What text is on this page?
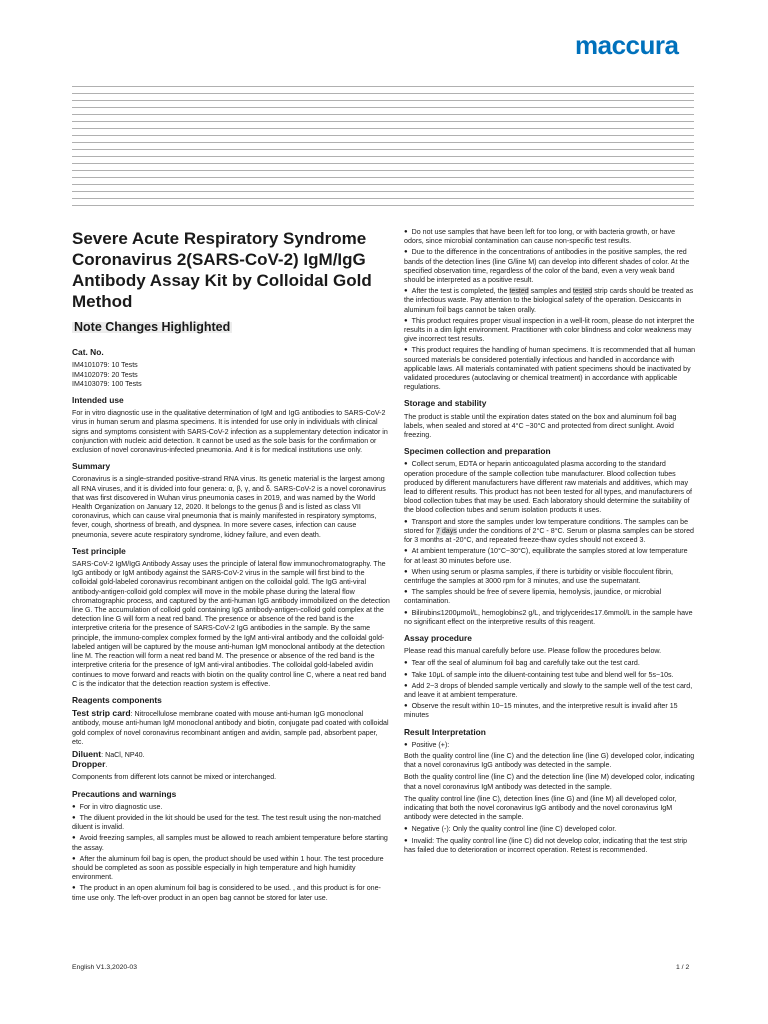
maccura
Severe Acute Respiratory Syndrome Coronavirus 2(SARS-CoV-2) IgM/IgG Antibody Assay Kit by Colloidal Gold Method
Note Changes Highlighted
Cat. No.

IM4101079: 10 Tests

IM4102079: 20 Tests

IM4103079: 100 Tests

Intended use

For in vitro diagnostic use in the qualitative determination of IgM and IgG antibodies to SARS-CoV-2 virus in human serum and plasma specimens. It is intended for use only in individuals with clinical signs and symptoms consistent with SARS-CoV-2 infection as a supplementary detection indicator in conjunction with nucleic acid detection. It cannot be used as the sole basis for the confirmation or exclusion of novel coronavirus-infected pneumonia. And it is for medical institutions use only.

Summary

Coronavirus is a single-stranded positive-strand RNA virus. Its genetic material is the largest among all RNA viruses, and it is divided into four genera: α, β, γ, and δ. SARS-CoV-2 is a novel coronavirus that was first discovered in Wuhan virus pneumonia cases in 2019, and was named by the World Health Organization on January 12, 2020. It belongs to the genus β and is listed as class VII coronavirus, which can cause viral pneumonia that is mainly manifested in respiratory symptoms, fever, cough, shortness of breath, and dyspnea. In more severe cases, infection can cause pneumonia, severe acute respiratory syndrome, kidney failure, and even death.

Test principle

SARS-CoV-2 IgM/IgG Antibody Assay uses the principle of lateral flow immunochromatography. The IgG antibody or IgM antibody against the SARS-CoV-2 virus in the sample will first bind to the colloidal gold-labeled coronavirus recombinant antigen on the colloidal gold. The IgG anti-viral antibody-antigen-colloid gold complex will move in the mobile phase during the lateral flow chromatographic process, and captured by the anti-human IgG antibody immobilized on the detection line G. The accumulation of colloid gold containing IgG antibody-antigen-colloid gold complex at the detection line G will form a neat red band. The presence or absence of the red band is the interpretive criteria for the presence of SARS-CoV-2 IgG antibodies in the sample. By the same principle, the immuno-complex complex formed by the IgM anti-viral antibody and the colloidal gold-labeled antigen will be captured by the mouse anti-human IgM monoclonal antibody at the detection line M. The reaction will form a neat red band M. The presence or absence of the red band is the interpretive criteria for the presence of IgM anti-viral antibodies. The colloidal gold-labeled avidin continues to move forward and reacts with biotin on the quality control line C, where a neat red band C is the indicator that the detection reaction system is effective.

Reagents components

Test strip card: Nitrocellulose membrane coated with mouse anti-human IgG monoclonal antibody, mouse anti-human IgM monoclonal antibody and biotin, conjugate pad coated with colloidal gold complex of novel coronavirus recombinant antigen and avidin, sample pad, absorbent paper, etc.

Diluent: NaCl, NP40.

Dropper.

Components from different lots cannot be mixed or interchanged.

Precautions and warnings

● For in vitro diagnostic use.

● The diluent provided in the kit should be used for the test. The test result using the non-matched diluent is invalid.

● Avoid freezing samples, all samples must be allowed to reach ambient temperature before starting the assay.

● After the aluminum foil bag is open, the product should be used within 1 hour. The test procedure should be completed as soon as possible especially in high temperature and high humidity environment.

● The product in an open aluminum foil bag is considered to be used. , and this product is for one-time use only. The left-over product in an open bag cannot be stored for later use.

● Do not use samples that have been left for too long, or with bacteria growth, or have odors, since microbial contamination can cause non-specific test results.

● Due to the difference in the concentrations of antibodies in the positive samples, the red bands of the detection lines (line G/line M) can develop into different shades of color. At the specified observation time, regardless of the color of the band, even a very weak band should be interpreted as a positive result.

● After the test is completed, the tested samples and tested strip cards should be treated as the infectious waste. Pay attention to the biological safety of the operation. Desiccants in aluminum foil bags cannot be taken orally.

● This product requires proper visual inspection in a well-lit room, please do not interpret the results in a dim light environment. Practitioner with color blindness and color weakness may give incorrect test results.

● This product requires the handling of human specimens. It is recommended that all human sourced materials be considered potentially infectious and handled in accordance with applicable laws. All materials contaminated with patient specimens should be inactivated by validated procedures (autoclaving or chemical treatment) in accordance with applicable regulations.

Storage and stability

The product is stable until the expiration dates stated on the box and aluminum foil bag labels, when sealed and stored at 4°C ~30°C and protected from direct sunlight. Avoid freezing.

Specimen collection and preparation

● Collect serum, EDTA or heparin anticoagulated plasma according to the standard operation procedure of the sample collection tube manufacturer. Blood collection tubes produced by different manufacturers have different raw materials and additives, which may lead to different results. This product has not been tested for all types, and manufacturers of blood collection tubes that may be used. Each laboratory should determine the suitability of the blood collection tubes and serum isolation products it uses.

● Transport and store the samples under low temperature conditions. The samples can be stored for 7 days under the conditions of 2°C - 8°C. Serum or plasma samples can be stored for 3 months at -20°C, and repeated freeze-thaw cycles should not exceed 3.

● At ambient temperature (10°C~30°C), equilibrate the samples stored at low temperature for at least 30 minutes before use.

● When using serum or plasma samples, if there is turbidity or visible flocculent fibrin, centrifuge the samples at 3000 rpm for 3 minutes, and use the supernatant.

● The samples should be free of severe lipemia, hemolysis, jaundice, or microbial contamination.

● Bilirubin≤1200μmol/L, hemoglobin≤2 g/L, and triglyceride≤17.6mmol/L in the sample have no significant effect on the interpretive results of this reagent.

Assay procedure

Please read this manual carefully before use. Please follow the procedures below.

● Tear off the seal of aluminum foil bag and carefully take out the test card.

● Take 10μL of sample into the diluent-containing test tube and blend well for 5s~10s.

● Add 2~3 drops of blended sample vertically and slowly to the sample well of the test card, and leave it at ambient temperature.

● Observe the result within 10~15 minutes, and the interpretive result is invalid after 15 minutes

Result Interpretation

● Positive (+):

Both the quality control line (line C) and the detection line (line G) developed color, indicating that a novel coronavirus IgG antibody was detected in the sample.

Both the quality control line (line C) and the detection line (line M) developed color, indicating that a novel coronavirus IgM antibody was detected in the sample.

The quality control line (line C), detection lines (line G) and (line M) all developed color, indicating that both the novel coronavirus IgG antibody and the novel coronavirus IgM antibody were detected in the sample.

● Negative (-): Only the quality control line (line C) developed color.

● Invalid: The quality control line (line C) did not develop color, indicating that the test strip has failed due to deterioration or incorrect operation. Retest is recommended.

English V1.3,2020-03	1 / 2
